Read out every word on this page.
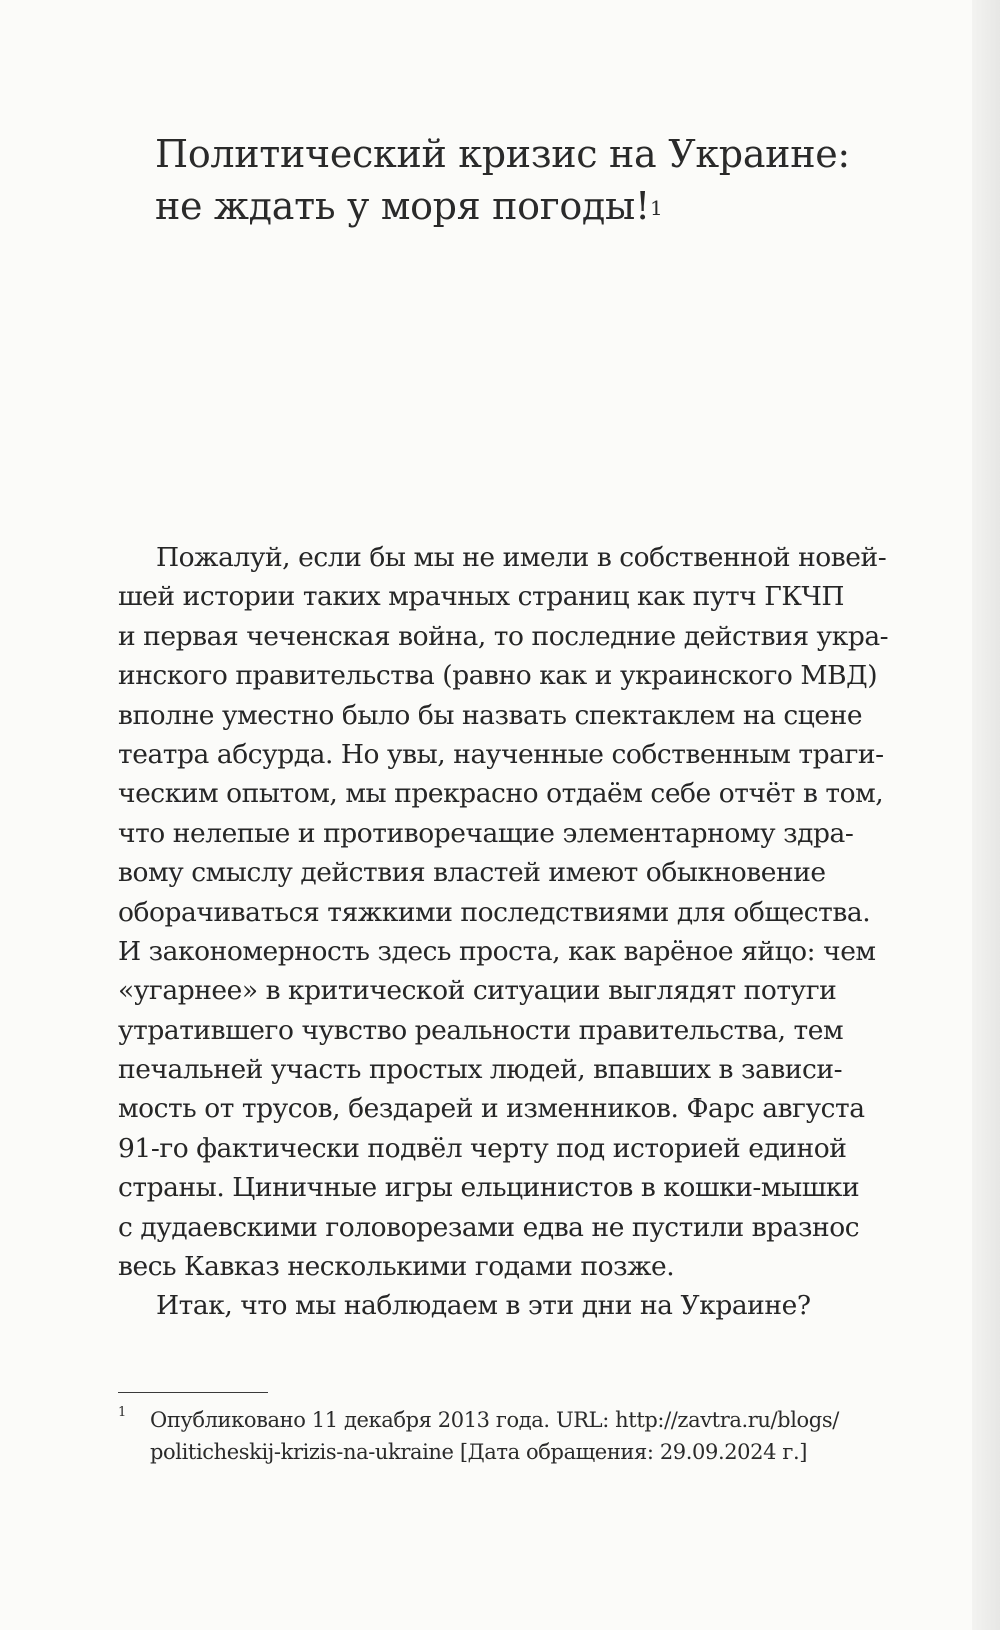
Политический кризис на Украине:
не ждать у моря погоды!$^1$
Пожалуй, если бы мы не имели в собственной новей-
шей истории таких мрачных страниц как путч ГКЧП
и первая чеченская война, то последние действия укра-
инского правительства (равно как и украинского МВД)
вполне уместно было бы назвать спектаклем на сцене
театра абсурда. Но увы, наученные собственным траги-
ческим опытом, мы прекрасно отдаём себе отчёт в том,
что нелепые и противоречащие элементарному здра-
вому смыслу действия властей имеют обыкновение
оборачиваться тяжкими последствиями для общества.
И закономерность здесь проста, как варёное яйцо: чем
«угарнее» в критической ситуации выглядят потуги
утратившего чувство реальности правительства, тем
печальней участь простых людей, впавших в зависи-
мость от трусов, бездарей и изменников. Фарс августа
91-го фактически подвёл черту под историей единой
страны. Циничные игры ельцинистов в кошки-мышки
с дудаевскими головорезами едва не пустили вразнос
весь Кавказ несколькими годами позже.
Итак, что мы наблюдаем в эти дни на Украине?
1	Опубликовано 11 декабря 2013 года. URL: http://zavtra.ru/blogs/
politicheskij-krizis-na-ukraine [Дата обращения: 29.09.2024 г.]
